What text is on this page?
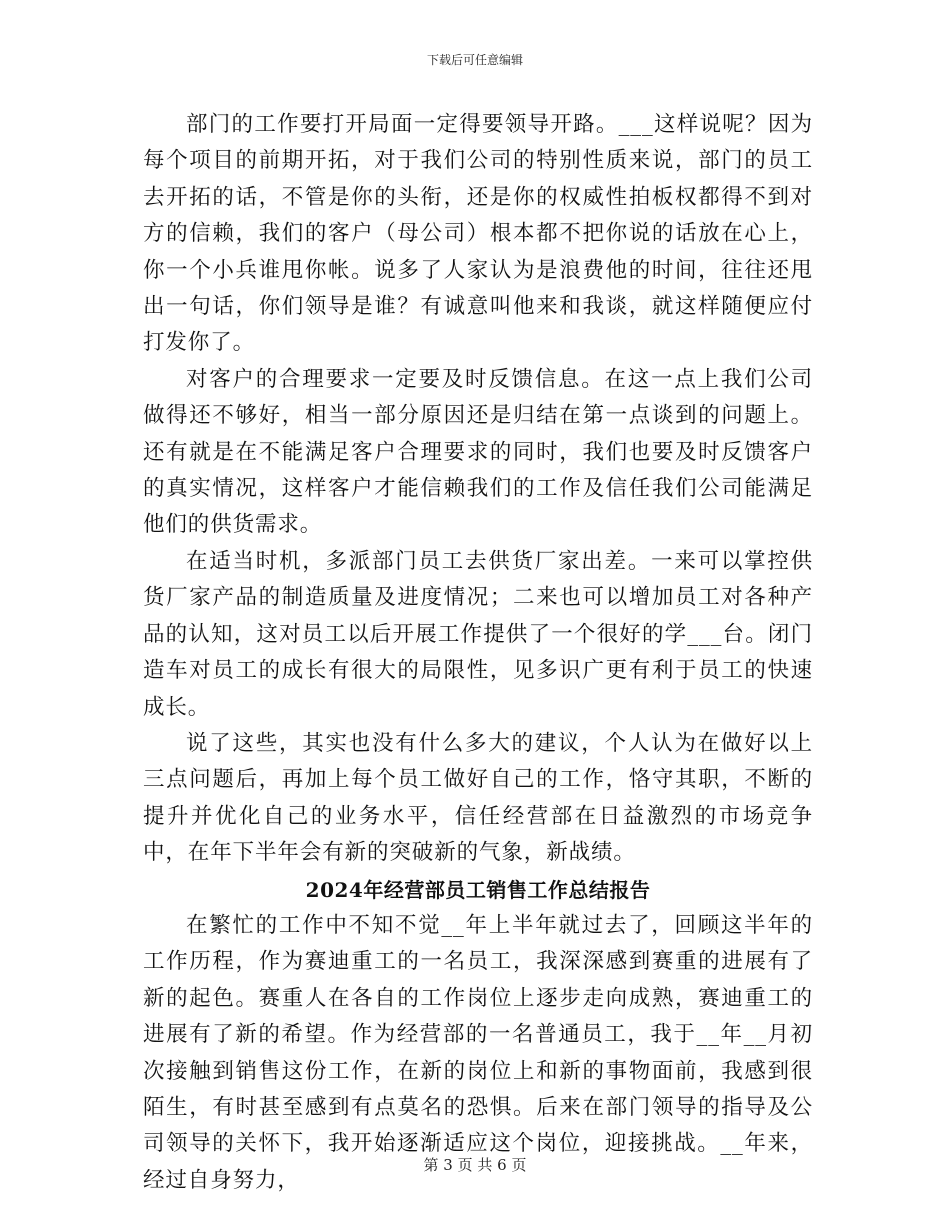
下载后可任意编辑

部门的工作要打开局面一定得要领导开路。___这样说呢？因为每个项目的前期开拓，对于我们公司的特别性质来说，部门的员工去开拓的话，不管是你的头衔，还是你的权威性拍板权都得不到对方的信赖，我们的客户（母公司）根本都不把你说的话放在心上，你一个小兵谁甩你帐。说多了人家认为是浪费他的时间，往往还甩出一句话，你们领导是谁？有诚意叫他来和我谈，就这样随便应付打发你了。

对客户的合理要求一定要及时反馈信息。在这一点上我们公司做得还不够好，相当一部分原因还是归结在第一点谈到的问题上。还有就是在不能满足客户合理要求的同时，我们也要及时反馈客户的真实情况，这样客户才能信赖我们的工作及信任我们公司能满足他们的供货需求。

在适当时机，多派部门员工去供货厂家出差。一来可以掌控供货厂家产品的制造质量及进度情况；二来也可以增加员工对各种产品的认知，这对员工以后开展工作提供了一个很好的学___台。闭门造车对员工的成长有很大的局限性，见多识广更有利于员工的快速成长。

说了这些，其实也没有什么多大的建议，个人认为在做好以上三点问题后，再加上每个员工做好自己的工作，恪守其职，不断的提升并优化自己的业务水平，信任经营部在日益激烈的市场竞争中，在年下半年会有新的突破新的气象，新战绩。

2024年经营部员工销售工作总结报告

在繁忙的工作中不知不觉__年上半年就过去了，回顾这半年的工作历程，作为赛迪重工的一名员工，我深深感到赛重的进展有了新的起色。赛重人在各自的工作岗位上逐步走向成熟，赛迪重工的进展有了新的希望。作为经营部的一名普通员工，我于__年__月初次接触到销售这份工作，在新的岗位上和新的事物面前，我感到很陌生，有时甚至感到有点莫名的恐惧。后来在部门领导的指导及公司领导的关怀下，我开始逐渐适应这个岗位，迎接挑战。__年来，经过自身努力，

第 3 页 共 6 页
